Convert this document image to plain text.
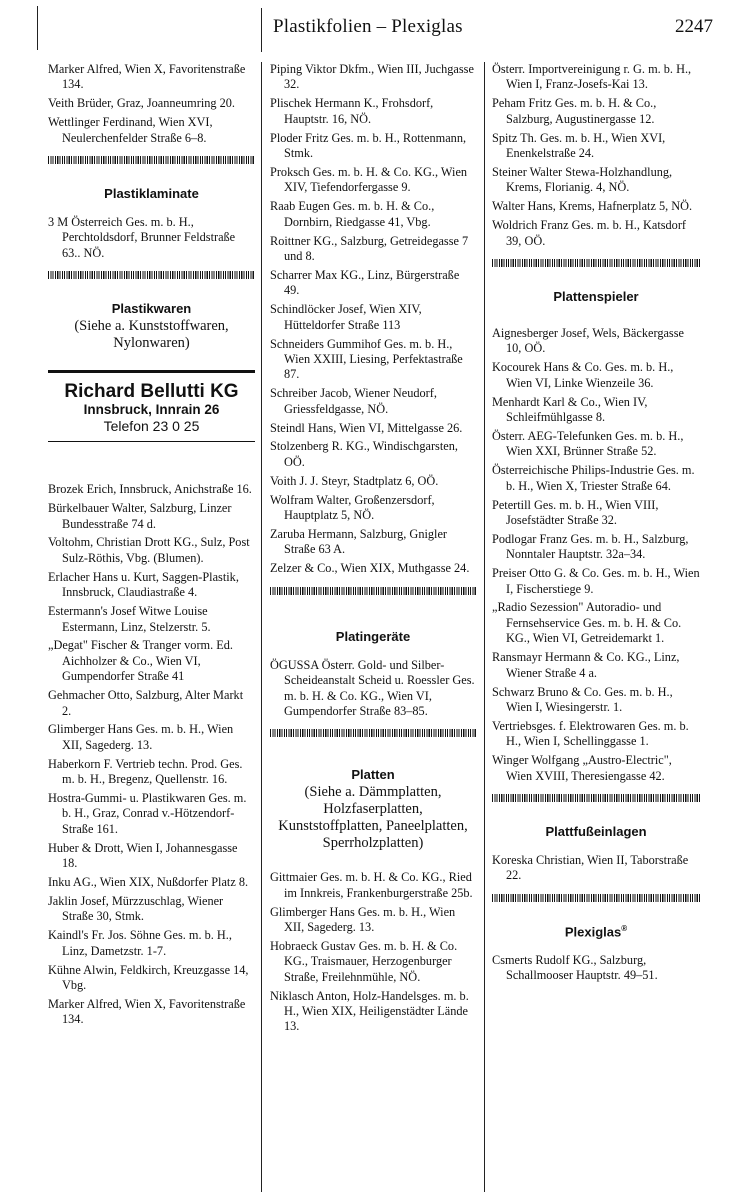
Plastikfolien – Plexiglas	2247
Marker Alfred, Wien X, Favoritenstraße 134.
Veith Brüder, Graz, Joanneumring 20.
Wettlinger Ferdinand, Wien XVI, Neulerchenfelder Straße 6–8.
Plastiklaminate
3 M Österreich Ges. m. b. H., Perchtoldsdorf, Brunner Feldstraße 63.. NÖ.
Plastikwaren
(Siehe a. Kunststoffwaren, Nylonwaren)
Richard Bellutti KG
Innsbruck, Innrain 26
Telefon 23 0 25
Brozek Erich, Innsbruck, Anichstraße 16.
Bürkelbauer Walter, Salzburg, Linzer Bundesstraße 74 d.
Voltohm, Christian Drott KG., Sulz, Post Sulz-Röthis, Vbg. (Blumen).
Erlacher Hans u. Kurt, Saggen-Plastik, Innsbruck, Claudiastraße 4.
Estermann's Josef Witwe Louise Estermann, Linz, Stelzerstr. 5.
„Degat" Fischer & Tranger vorm. Ed. Aichholzer & Co., Wien VI, Gumpendorfer Straße 41
Gehmacher Otto, Salzburg, Alter Markt 2.
Glimberger Hans Ges. m. b. H., Wien XII, Sagederg. 13.
Haberkorn F. Vertrieb techn. Prod. Ges. m. b. H., Bregenz, Quellenstr. 16.
Hostra-Gummi- u. Plastikwaren Ges. m. b. H., Graz, Conrad v.-Hötzendorf-Straße 161.
Huber & Drott, Wien I, Johannesgasse 18.
Inku AG., Wien XIX, Nußdorfer Platz 8.
Jaklin Josef, Mürzzuschlag, Wiener Straße 30, Stmk.
Kaindl's Fr. Jos. Söhne Ges. m. b. H., Linz, Dametzstr. 1-7.
Kühne Alwin, Feldkirch, Kreuzgasse 14, Vbg.
Marker Alfred, Wien X, Favoritenstraße 134.
Piping Viktor Dkfm., Wien III, Juchgasse 32.
Plischek Hermann K., Frohsdorf, Hauptstr. 16, NÖ.
Ploder Fritz Ges. m. b. H., Rottenmann, Stmk.
Proksch Ges. m. b. H. & Co. KG., Wien XIV, Tiefendorfergasse 9.
Raab Eugen Ges. m. b. H. & Co., Dornbirn, Riedgasse 41, Vbg.
Roittner KG., Salzburg, Getreidegasse 7 und 8.
Scharrer Max KG., Linz, Bürgerstraße 49.
Schindlöcker Josef, Wien XIV, Hütteldorfer Straße 113
Schneiders Gummihof Ges. m. b. H., Wien XXIII, Liesing, Perfektastraße 87.
Schreiber Jacob, Wiener Neudorf, Griessfeldgasse, NÖ.
Steindl Hans, Wien VI, Mittelgasse 26.
Stolzenberg R. KG., Windischgarsten, OÖ.
Voith J. J. Steyr, Stadtplatz 6, OÖ.
Wolfram Walter, Großenzersdorf, Hauptplatz 5, NÖ.
Zaruba Hermann, Salzburg, Gnigler Straße 63 A.
Zelzer & Co., Wien XIX, Muthgasse 24.
Platingeräte
ÖGUSSA Österr. Gold- und Silber-Scheideanstalt Scheid u. Roessler Ges. m. b. H. & Co. KG., Wien VI, Gumpendorfer Straße 83–85.
Platten
(Siehe a. Dämmplatten, Holzfaserplatten, Kunststoffplatten, Paneelplatten, Sperrholzplatten)
Gittmaier Ges. m. b. H. & Co. KG., Ried im Innkreis, Frankenburgerstraße 25b.
Glimberger Hans Ges. m. b. H., Wien XII, Sagederg. 13.
Hobraeck Gustav Ges. m. b. H. & Co. KG., Traismauer, Herzogenburger Straße, Freilehnmühle, NÖ.
Niklasch Anton, Holz-Handelsges. m. b. H., Wien XIX, Heiligenstädter Lände 13.
Österr. Importvereinigung r. G. m. b. H., Wien I, Franz-Josefs-Kai 13.
Peham Fritz Ges. m. b. H. & Co., Salzburg, Augustinergasse 12.
Spitz Th. Ges. m. b. H., Wien XVI, Enenkelstraße 24.
Steiner Walter Stewa-Holzhandlung, Krems, Florianig. 4, NÖ.
Walter Hans, Krems, Hafnerplatz 5, NÖ.
Woldrich Franz Ges. m. b. H., Katsdorf 39, OÖ.
Plattenspieler
Aignesberger Josef, Wels, Bäckergasse 10, OÖ.
Kocourek Hans & Co. Ges. m. b. H., Wien VI, Linke Wienzeile 36.
Menhardt Karl & Co., Wien IV, Schleifmühlgasse 8.
Österr. AEG-Telefunken Ges. m. b. H., Wien XXI, Brünner Straße 52.
Österreichische Philips-Industrie Ges. m. b. H., Wien X, Triester Straße 64.
Petertill Ges. m. b. H., Wien VIII, Josefstädter Straße 32.
Podlogar Franz Ges. m. b. H., Salzburg, Nonntaler Hauptstr. 32a–34.
Preiser Otto G. & Co. Ges. m. b. H., Wien I, Fischerstiege 9.
„Radio Sezession" Autoradio- und Fernsehservice Ges. m. b. H. & Co. KG., Wien VI, Getreidemarkt 1.
Ransmayr Hermann & Co. KG., Linz, Wiener Straße 4 a.
Schwarz Bruno & Co. Ges. m. b. H., Wien I, Wiesingerstr. 1.
Vertriebsges. f. Elektrowaren Ges. m. b. H., Wien I, Schellinggasse 1.
Winger Wolfgang „Austro-Electric", Wien XVIII, Theresiengasse 42.
Plattfußeinlagen
Koreska Christian, Wien II, Taborstraße 22.
Plexiglas®
Csmerts Rudolf KG., Salzburg, Schallmooser Hauptstr. 49–51.
